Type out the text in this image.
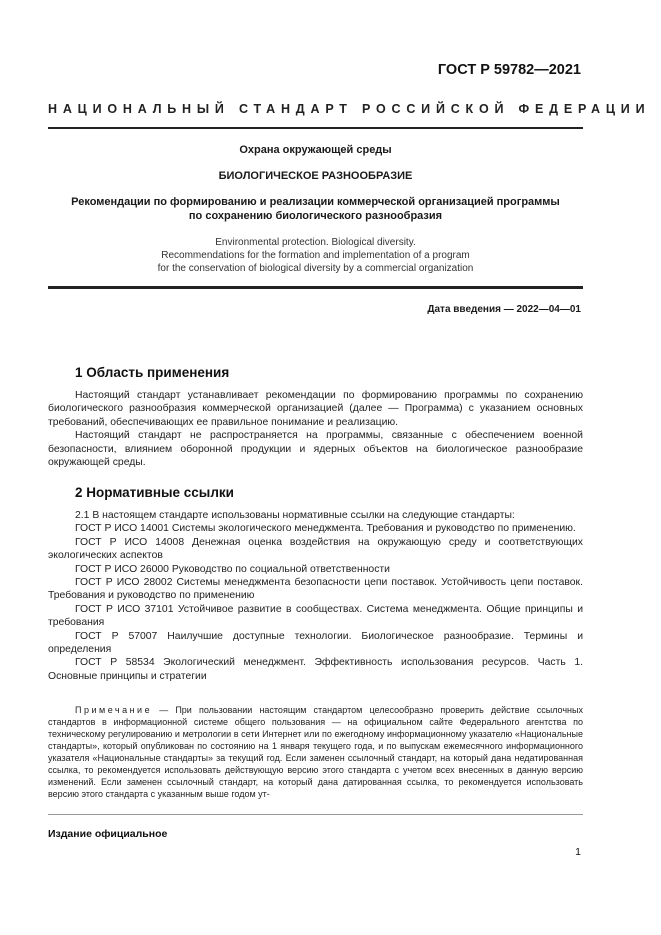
ГОСТ Р 59782—2021
НАЦИОНАЛЬНЫЙ СТАНДАРТ РОССИЙСКОЙ ФЕДЕРАЦИИ
Охрана окружающей среды
БИОЛОГИЧЕСКОЕ РАЗНООБРАЗИЕ
Рекомендации по формированию и реализации коммерческой организацией программы
по сохранению биологического разнообразия
Environmental protection. Biological diversity.
Recommendations for the formation and implementation of a program
for the conservation of biological diversity by a commercial organization
Дата введения — 2022—04—01
1 Область применения

Настоящий стандарт устанавливает рекомендации по формированию программы по сохранению биологического разнообразия коммерческой организацией (далее — Программа) с указанием основных требований, обеспечивающих ее правильное понимание и реализацию.

Настоящий стандарт не распространяется на программы, связанные с обеспечением военной безопасности, влиянием оборонной продукции и ядерных объектов на биологическое разнообразие окружающей среды.

2 Нормативные ссылки

2.1 В настоящем стандарте использованы нормативные ссылки на следующие стандарты:

ГОСТ Р ИСО 14001 Системы экологического менеджмента. Требования и руководство по применению.

ГОСТ Р ИСО 14008 Денежная оценка воздействия на окружающую среду и соответствующих экологических аспектов

ГОСТ Р ИСО 26000 Руководство по социальной ответственности

ГОСТ Р ИСО 28002 Системы менеджмента безопасности цепи поставок. Устойчивость цепи поставок. Требования и руководство по применению

ГОСТ Р ИСО 37101 Устойчивое развитие в сообществах. Система менеджмента. Общие принципы и требования

ГОСТ Р 57007 Наилучшие доступные технологии. Биологическое разнообразие. Термины и определения

ГОСТ Р 58534 Экологический менеджмент. Эффективность использования ресурсов. Часть 1. Основные принципы и стратегии

Примечание — При пользовании настоящим стандартом целесообразно проверить действие ссылочных стандартов в информационной системе общего пользования — на официальном сайте Федерального агентства по техническому регулированию и метрологии в сети Интернет или по ежегодному информационному указателю «Национальные стандарты», который опубликован по состоянию на 1 января текущего года, и по выпускам ежемесячного информационного указателя «Национальные стандарты» за текущий год. Если заменен ссылочный стандарт, на который дана недатированная ссылка, то рекомендуется использовать действующую версию этого стандарта с учетом всех внесенных в данную версию изменений. Если заменен ссылочный стандарт, на который дана датированная ссылка, то рекомендуется использовать версию этого стандарта с указанным выше годом ут-
Издание официальное
1
